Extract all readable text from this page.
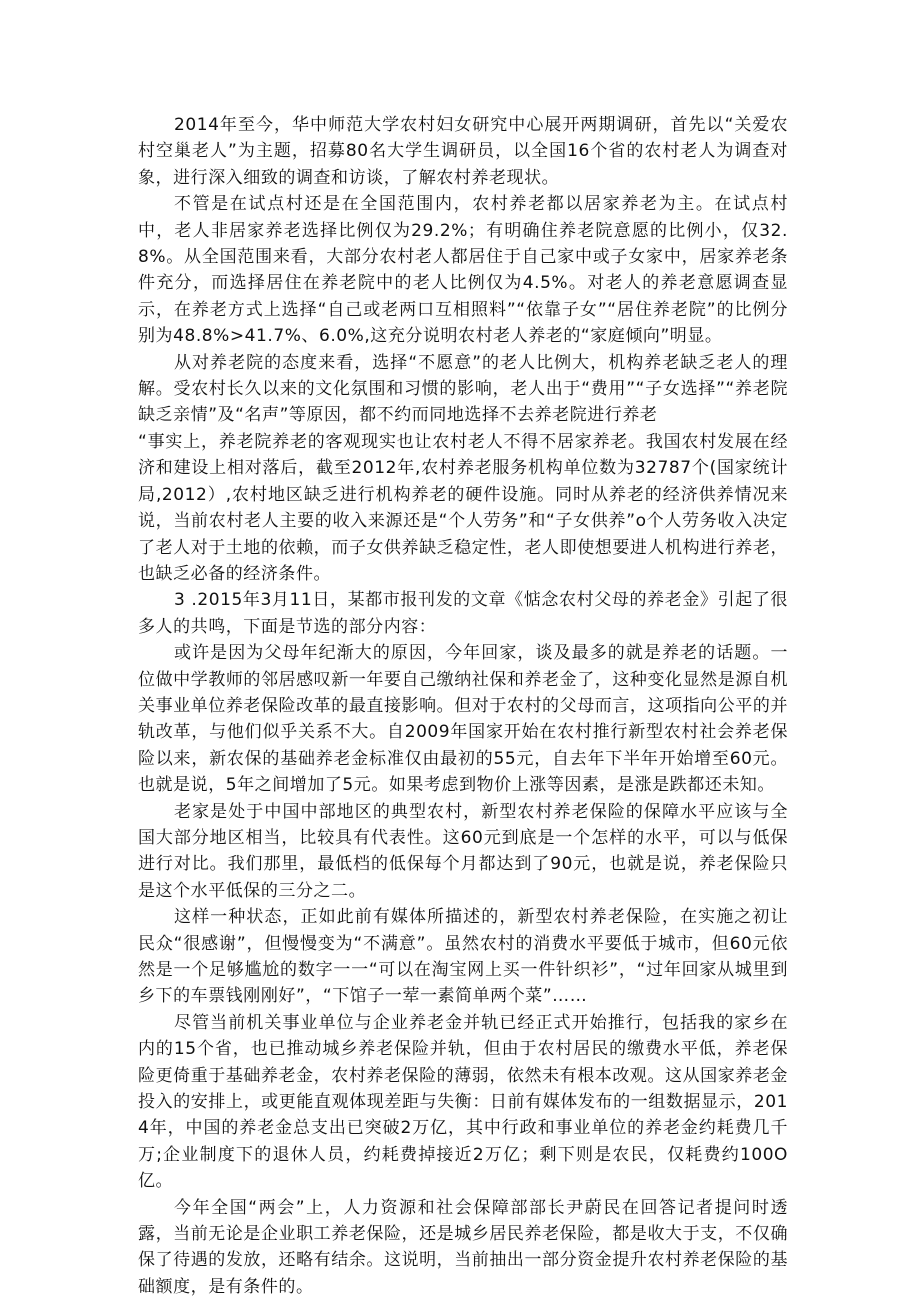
2014年至今，华中师范大学农村妇女研究中心展开两期调研，首先以“关爱农村空巢老人”为主题，招募80名大学生调研员，以全国16个省的农村老人为调查对象，进行深入细致的调查和访谈，了解农村养老现状。

不管是在试点村还是在全国范围内，农村养老都以居家养老为主。在试点村中，老人非居家养老选择比例仅为29.2%；有明确住养老院意愿的比例小，仅32.8%。从全国范围来看，大部分农村老人都居住于自己家中或子女家中，居家养老条件充分，而选择居住在养老院中的老人比例仅为4.5%。对老人的养老意愿调查显示，在养老方式上选择“自己或老两口互相照料”“依靠子女”“居住养老院”的比例分别为48.8%>41.7%、6.0%,这充分说明农村老人养老的“家庭倾向”明显。

从对养老院的态度来看，选择“不愿意”的老人比例大，机构养老缺乏老人的理解。受农村长久以来的文化氛围和习惯的影响，老人出于“费用”“子女选择”“养老院缺乏亲情”及“名声”等原因，都不约而同地选择不去养老院进行养老

“事实上，养老院养老的客观现实也让农村老人不得不居家养老。我国农村发展在经济和建设上相对落后，截至2012年,农村养老服务机构单位数为32787个(国家统计局,2012）,农村地区缺乏进行机构养老的硬件设施。同时从养老的经济供养情况来说，当前农村老人主要的收入来源还是“个人劳务”和“子女供养”o个人劳务收入决定了老人对于土地的依赖，而子女供养缺乏稳定性，老人即使想要进人机构进行养老，也缺乏必备的经济条件。

3 .2015年3月11日，某都市报刊发的文章《惦念农村父母的养老金》引起了很多人的共鸣，下面是节选的部分内容：

或许是因为父母年纪渐大的原因，今年回家，谈及最多的就是养老的话题。一位做中学教师的邻居感叹新一年要自己缴纳社保和养老金了，这种变化显然是源自机关事业单位养老保险改革的最直接影响。但对于农村的父母而言，这项指向公平的并轨改革，与他们似乎关系不大。自2009年国家开始在农村推行新型农村社会养老保险以来，新农保的基础养老金标准仅由最初的55元，自去年下半年开始增至60元。也就是说，5年之间增加了5元。如果考虑到物价上涨等因素，是涨是跌都还未知。

老家是处于中国中部地区的典型农村，新型农村养老保险的保障水平应该与全国大部分地区相当，比较具有代表性。这60元到底是一个怎样的水平，可以与低保进行对比。我们那里，最低档的低保每个月都达到了90元，也就是说，养老保险只是这个水平低保的三分之二。

这样一种状态，正如此前有媒体所描述的，新型农村养老保险，在实施之初让民众“很感谢”，但慢慢变为“不满意”。虽然农村的消费水平要低于城市，但60元依然是一个足够尴尬的数字一一“可以在淘宝网上买一件针织衫”，“过年回家从城里到乡下的车票钱刚刚好”，“下馆子一荤一素简单两个菜”……

尽管当前机关事业单位与企业养老金并轨已经正式开始推行，包括我的家乡在内的15个省，也已推动城乡养老保险并轨，但由于农村居民的缴费水平低，养老保险更倚重于基础养老金，农村养老保险的薄弱，依然未有根本改观。这从国家养老金投入的安排上，或更能直观体现差距与失衡：日前有媒体发布的一组数据显示，2014年，中国的养老金总支出已突破2万亿，其中行政和事业单位的养老金约耗费几千万;企业制度下的退休人员，约耗费掉接近2万亿；剩下则是农民，仅耗费约100O亿。

今年全国“两会”上，人力资源和社会保障部部长尹蔚民在回答记者提问时透露，当前无论是企业职工养老保险，还是城乡居民养老保险，都是收大于支，不仅确保了待遇的发放，还略有结余。这说明，当前抽出一部分资金提升农村养老保险的基础额度，是有条件的。
